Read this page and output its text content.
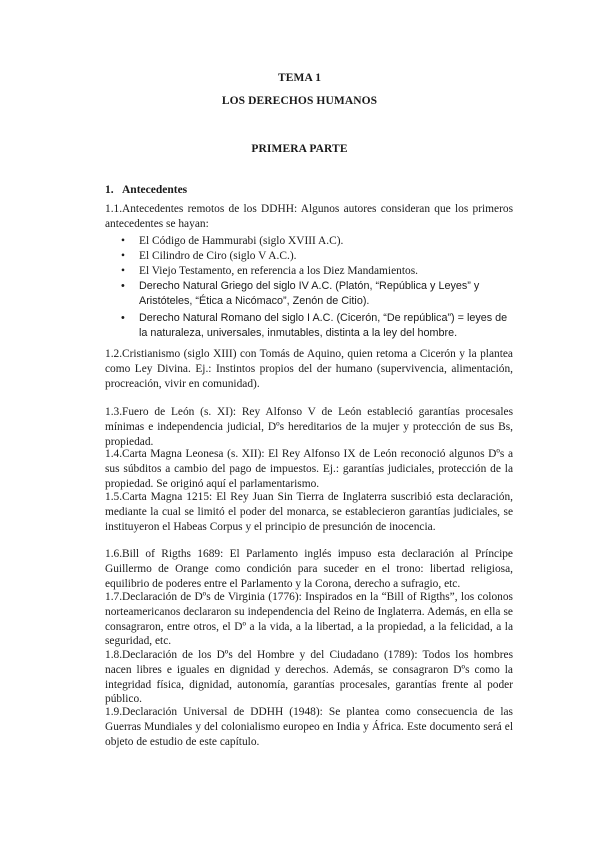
TEMA 1
LOS DERECHOS HUMANOS
PRIMERA PARTE
1. Antecedentes
1.1. Antecedentes remotos de los DDHH: Algunos autores consideran que los primeros antecedentes se hayan:
• El Código de Hammurabi (siglo XVIII A.C).
• El Cilindro de Ciro (siglo V A.C.).
• El Viejo Testamento, en referencia a los Diez Mandamientos.
• Derecho Natural Griego del siglo IV A.C. (Platón, “República y Leyes” y Aristóteles, “Ética a Nicómaco”, Zenón de Citio).
• Derecho Natural Romano del siglo I A.C. (Cicerón, “De república”) = leyes de la naturaleza, universales, inmutables, distinta a la ley del hombre.
1.2. Cristianismo (siglo XIII) con Tomás de Aquino, quien retoma a Cicerón y la plantea como Ley Divina. Ej.: Instintos propios del der humano (supervivencia, alimentación, procreación, vivir en comunidad).
1.3. Fuero de León (s. XI): Rey Alfonso V de León estableció garantías procesales mínimas e independencia judicial, Dºs hereditarios de la mujer y protección de sus Bs, propiedad.
1.4. Carta Magna Leonesa (s. XII): El Rey Alfonso IX de León reconoció algunos Dºs a sus súbditos a cambio del pago de impuestos. Ej.: garantías judiciales, protección de la propiedad. Se originó aquí el parlamentarismo.
1.5. Carta Magna 1215: El Rey Juan Sin Tierra de Inglaterra suscribió esta declaración, mediante la cual se limitó el poder del monarca, se establecieron garantías judiciales, se instituyeron el Habeas Corpus y el principio de presunción de inocencia.
1.6. Bill of Rigths 1689: El Parlamento inglés impuso esta declaración al Príncipe Guillermo de Orange como condición para suceder en el trono: libertad religiosa, equilibrio de poderes entre el Parlamento y la Corona, derecho a sufragio, etc.
1.7. Declaración de Dºs de Virginia (1776): Inspirados en la “Bill of Rigths”, los colonos norteamericanos declararon su independencia del Reino de Inglaterra. Además, en ella se consagraron, entre otros, el Dº a la vida, a la libertad, a la propiedad, a la felicidad, a la seguridad, etc.
1.8. Declaración de los Dºs del Hombre y del Ciudadano (1789): Todos los hombres nacen libres e iguales en dignidad y derechos. Además, se consagraron Dºs como la integridad física, dignidad, autonomía, garantías procesales, garantías frente al poder público.
1.9. Declaración Universal de DDHH (1948): Se plantea como consecuencia de las Guerras Mundiales y del colonialismo europeo en India y África. Este documento será el objeto de estudio de este capítulo.
